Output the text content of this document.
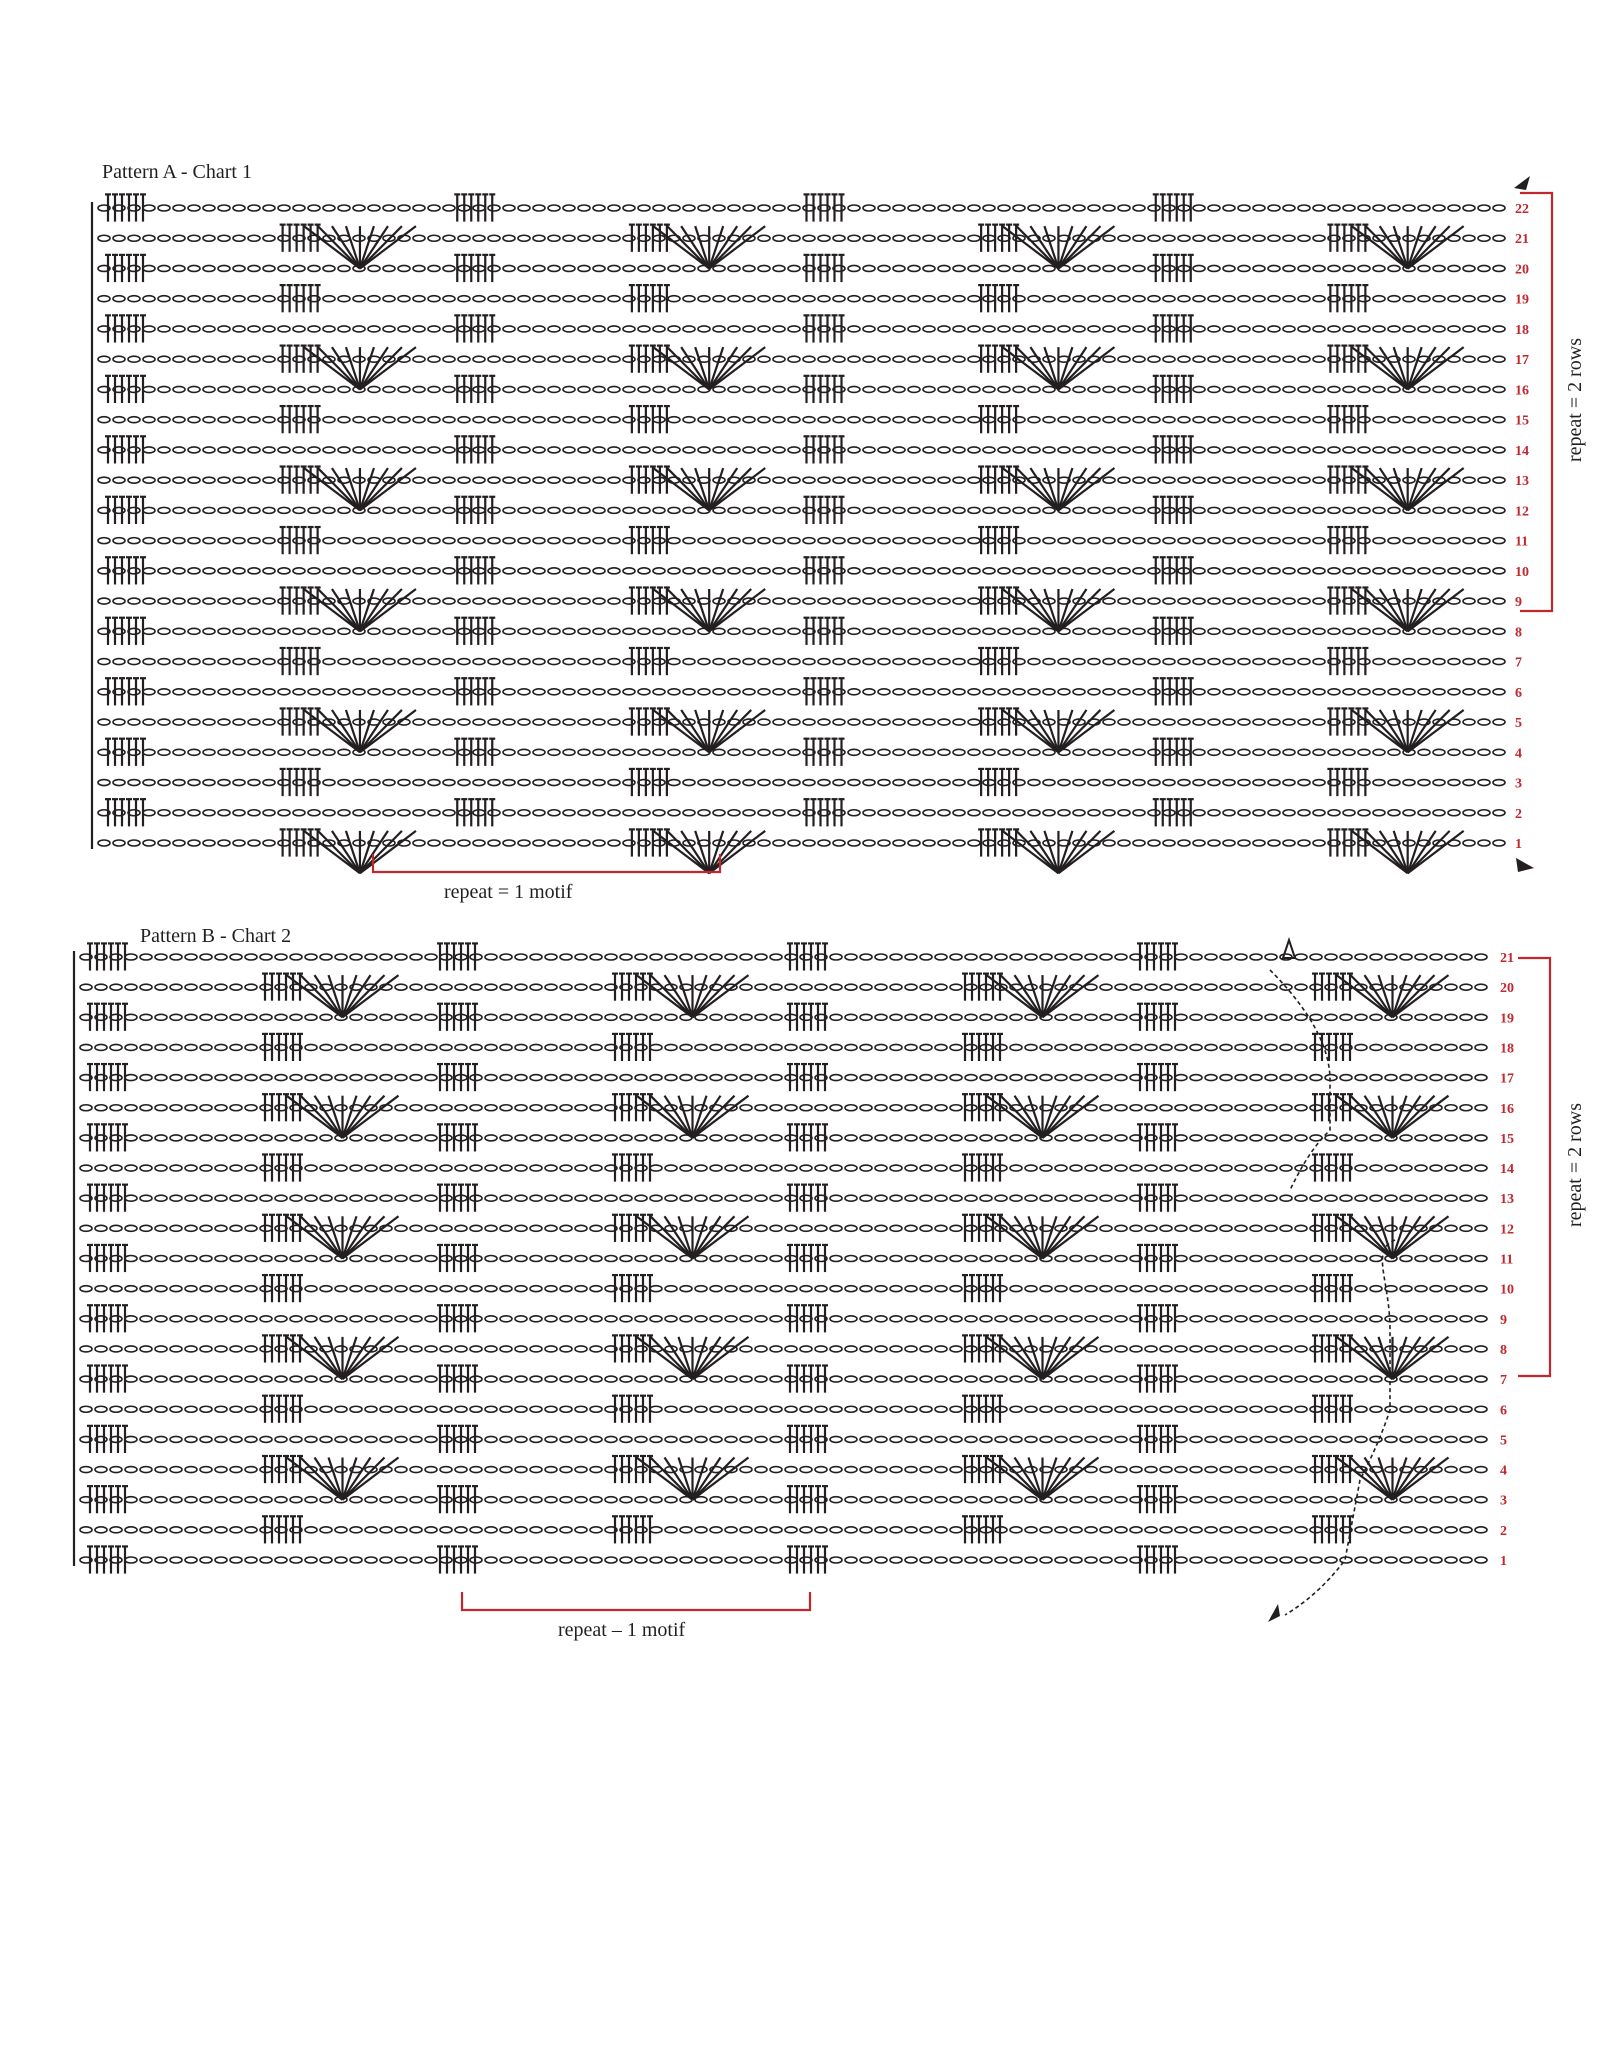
Pattern A - Chart 1
22
21
20
19
18
17
16
15
14
13
12
11
10
9
8
7
6
5
4
3
2
1
repeat = 2 rows
repeat = 1 motif
Pattern B - Chart 2
21
20
19
18
17
16
15
14
13
12
11
10
9
8
7
6
5
4
3
2
1
repeat = 2 rows
repeat – 1 motif
